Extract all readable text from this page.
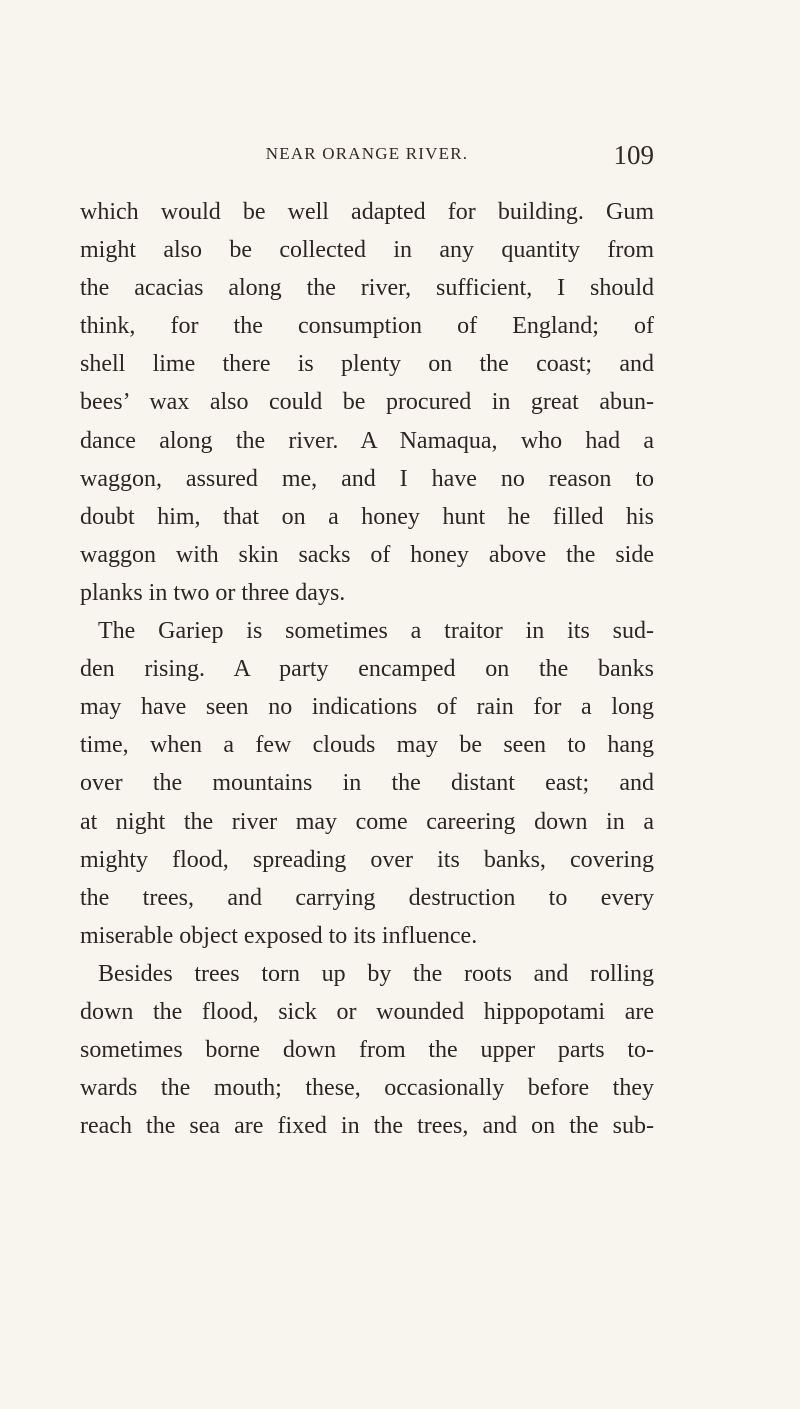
NEAR ORANGE RIVER.	109
which would be well adapted for building. Gum
might also be collected in any quantity from
the acacias along the river, sufficient, I should
think, for the consumption of England; of
shell lime there is plenty on the coast; and
bees’ wax also could be procured in great abun-
dance along the river. A Namaqua, who had a
waggon, assured me, and I have no reason to
doubt him, that on a honey hunt he filled his
waggon with skin sacks of honey above the side
planks in two or three days.
The Gariep is sometimes a traitor in its sud-
den rising. A party encamped on the banks
may have seen no indications of rain for a long
time, when a few clouds may be seen to hang
over the mountains in the distant east; and
at night the river may come careering down in a
mighty flood, spreading over its banks, covering
the trees, and carrying destruction to every
miserable object exposed to its influence.
Besides trees torn up by the roots and rolling
down the flood, sick or wounded hippopotami are
sometimes borne down from the upper parts to-
wards the mouth; these, occasionally before they
reach the sea are fixed in the trees, and on the sub-
